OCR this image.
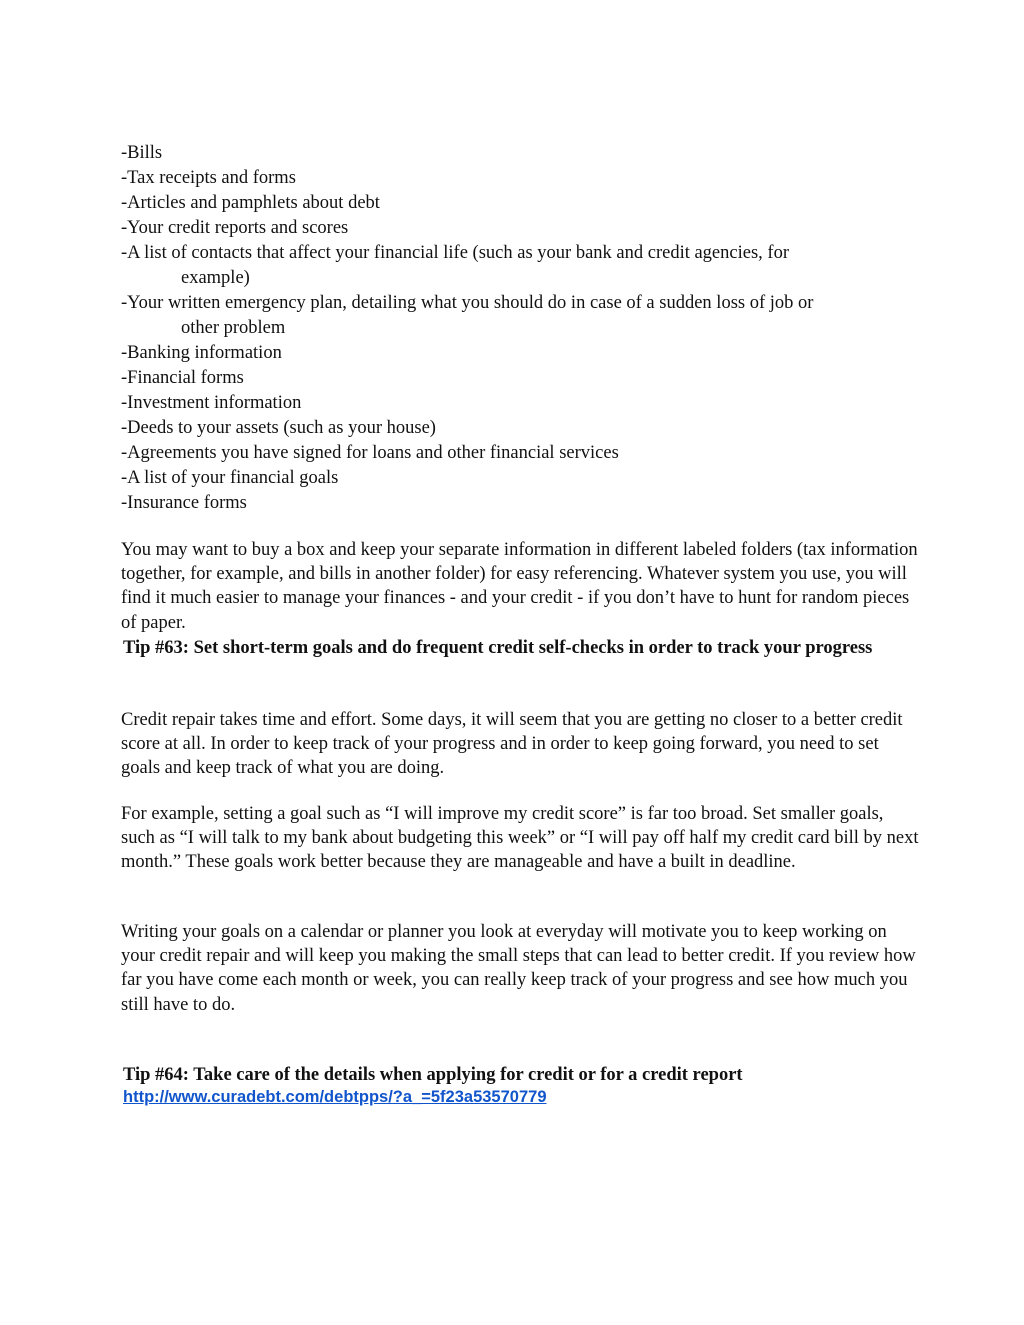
-Bills
-Tax receipts and forms
-Articles and pamphlets about debt
-Your credit reports and scores
-A list of contacts that affect your financial life (such as your bank and credit agencies, for
example)
-Your written emergency plan, detailing what you should do in case of a sudden loss of job or
other problem
-Banking information
-Financial forms
-Investment information
-Deeds to your assets (such as your house)
-Agreements you have signed for loans and other financial services
-A list of your financial goals
-Insurance forms
You may want to buy a box and keep your separate information in different labeled folders (tax information together, for example, and bills in another folder) for easy referencing. Whatever system you use, you will find it much easier to manage your finances - and your credit - if you don’t have to hunt for random pieces of paper.
Tip #63: Set short-term goals and do frequent credit self-checks in order to track your progress
Credit repair takes time and effort. Some days, it will seem that you are getting no closer to a better credit score at all. In order to keep track of your progress and in order to keep going forward, you need to set goals and keep track of what you are doing.
For example, setting a goal such as “I will improve my credit score” is far too broad. Set smaller goals, such as “I will talk to my bank about budgeting this week” or “I will pay off half my credit card bill by next month.” These goals work better because they are manageable and have a built in deadline.
Writing your goals on a calendar or planner you look at everyday will motivate you to keep working on your credit repair and will keep you making the small steps that can lead to better credit. If you review how far you have come each month or week, you can really keep track of your progress and see how much you still have to do.
Tip #64: Take care of the details when applying for credit or for a credit report
http://www.curadebt.com/debtpps/?a_=5f23a53570779
